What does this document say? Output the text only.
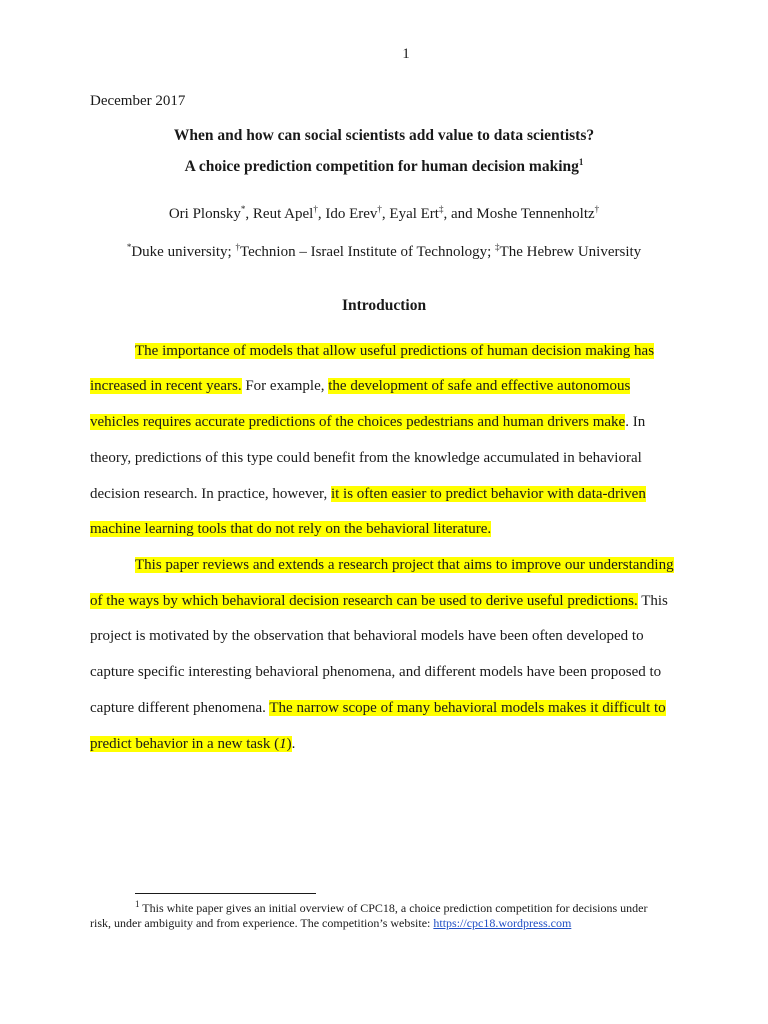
1
December 2017
When and how can social scientists add value to data scientists?
A choice prediction competition for human decision making$^1$
Ori Plonsky*, Reut Apel†, Ido Erev†, Eyal Ert‡, and Moshe Tennenholtz†
*Duke university; †Technion – Israel Institute of Technology; ‡The Hebrew University
Introduction
The importance of models that allow useful predictions of human decision making has
increased in recent years. For example, the development of safe and effective autonomous
vehicles requires accurate predictions of the choices pedestrians and human drivers make. In
theory, predictions of this type could benefit from the knowledge accumulated in behavioral
decision research. In practice, however, it is often easier to predict behavior with data-driven
machine learning tools that do not rely on the behavioral literature.
This paper reviews and extends a research project that aims to improve our understanding
of the ways by which behavioral decision research can be used to derive useful predictions. This
project is motivated by the observation that behavioral models have been often developed to
capture specific interesting behavioral phenomena, and different models have been proposed to
capture different phenomena. The narrow scope of many behavioral models makes it difficult to
predict behavior in a new task (1).
$^1$ This white paper gives an initial overview of CPC18, a choice prediction competition for decisions under
risk, under ambiguity and from experience. The competition’s website: https://cpc18.wordpress.com
